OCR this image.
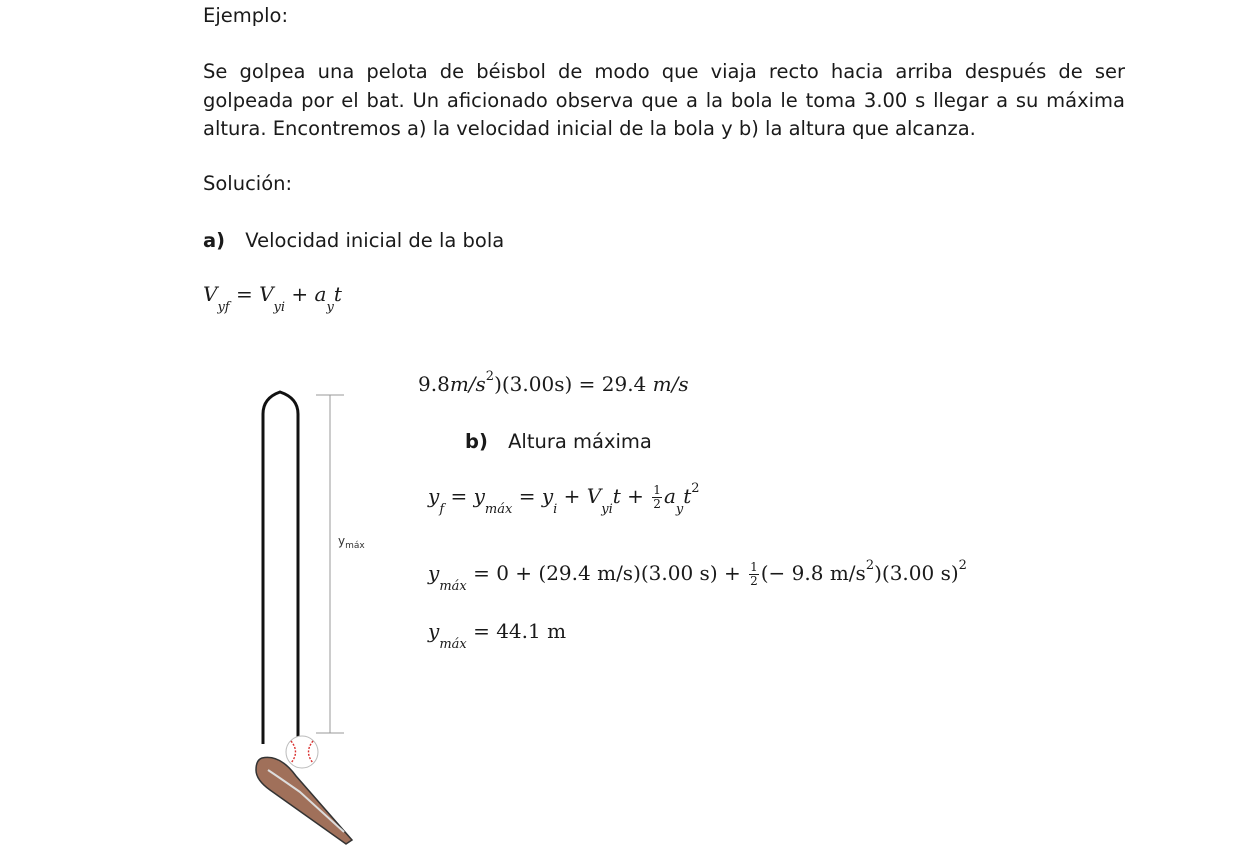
Ejemplo:
Se golpea una pelota de béisbol de modo que viaja recto hacia arriba después de ser golpeada por el bat. Un aficionado observa que a la bola le toma 3.00 s llegar a su máxima altura. Encontremos a) la velocidad inicial de la bola y b) la altura que alcanza.
Solución:
a) Velocidad inicial de la bola
$V_{yf} = V_{yi} + a_yt$
$9.8m/s^2)(3.00s) = 29.4$ m/s
b) Altura máxima
$y_f = y_{máx} = y_i + V_{yi}t + \frac{1}{2} a_yt^2$
$y_{máx} = 0 + (29.4$ m/s)(3.00 $s) + \frac{1}{2}$ (− 9.8 $m/s^2)(3.00$ s)$^2$
$y_{máx} = 44.1$ m
$y_{máx}$
